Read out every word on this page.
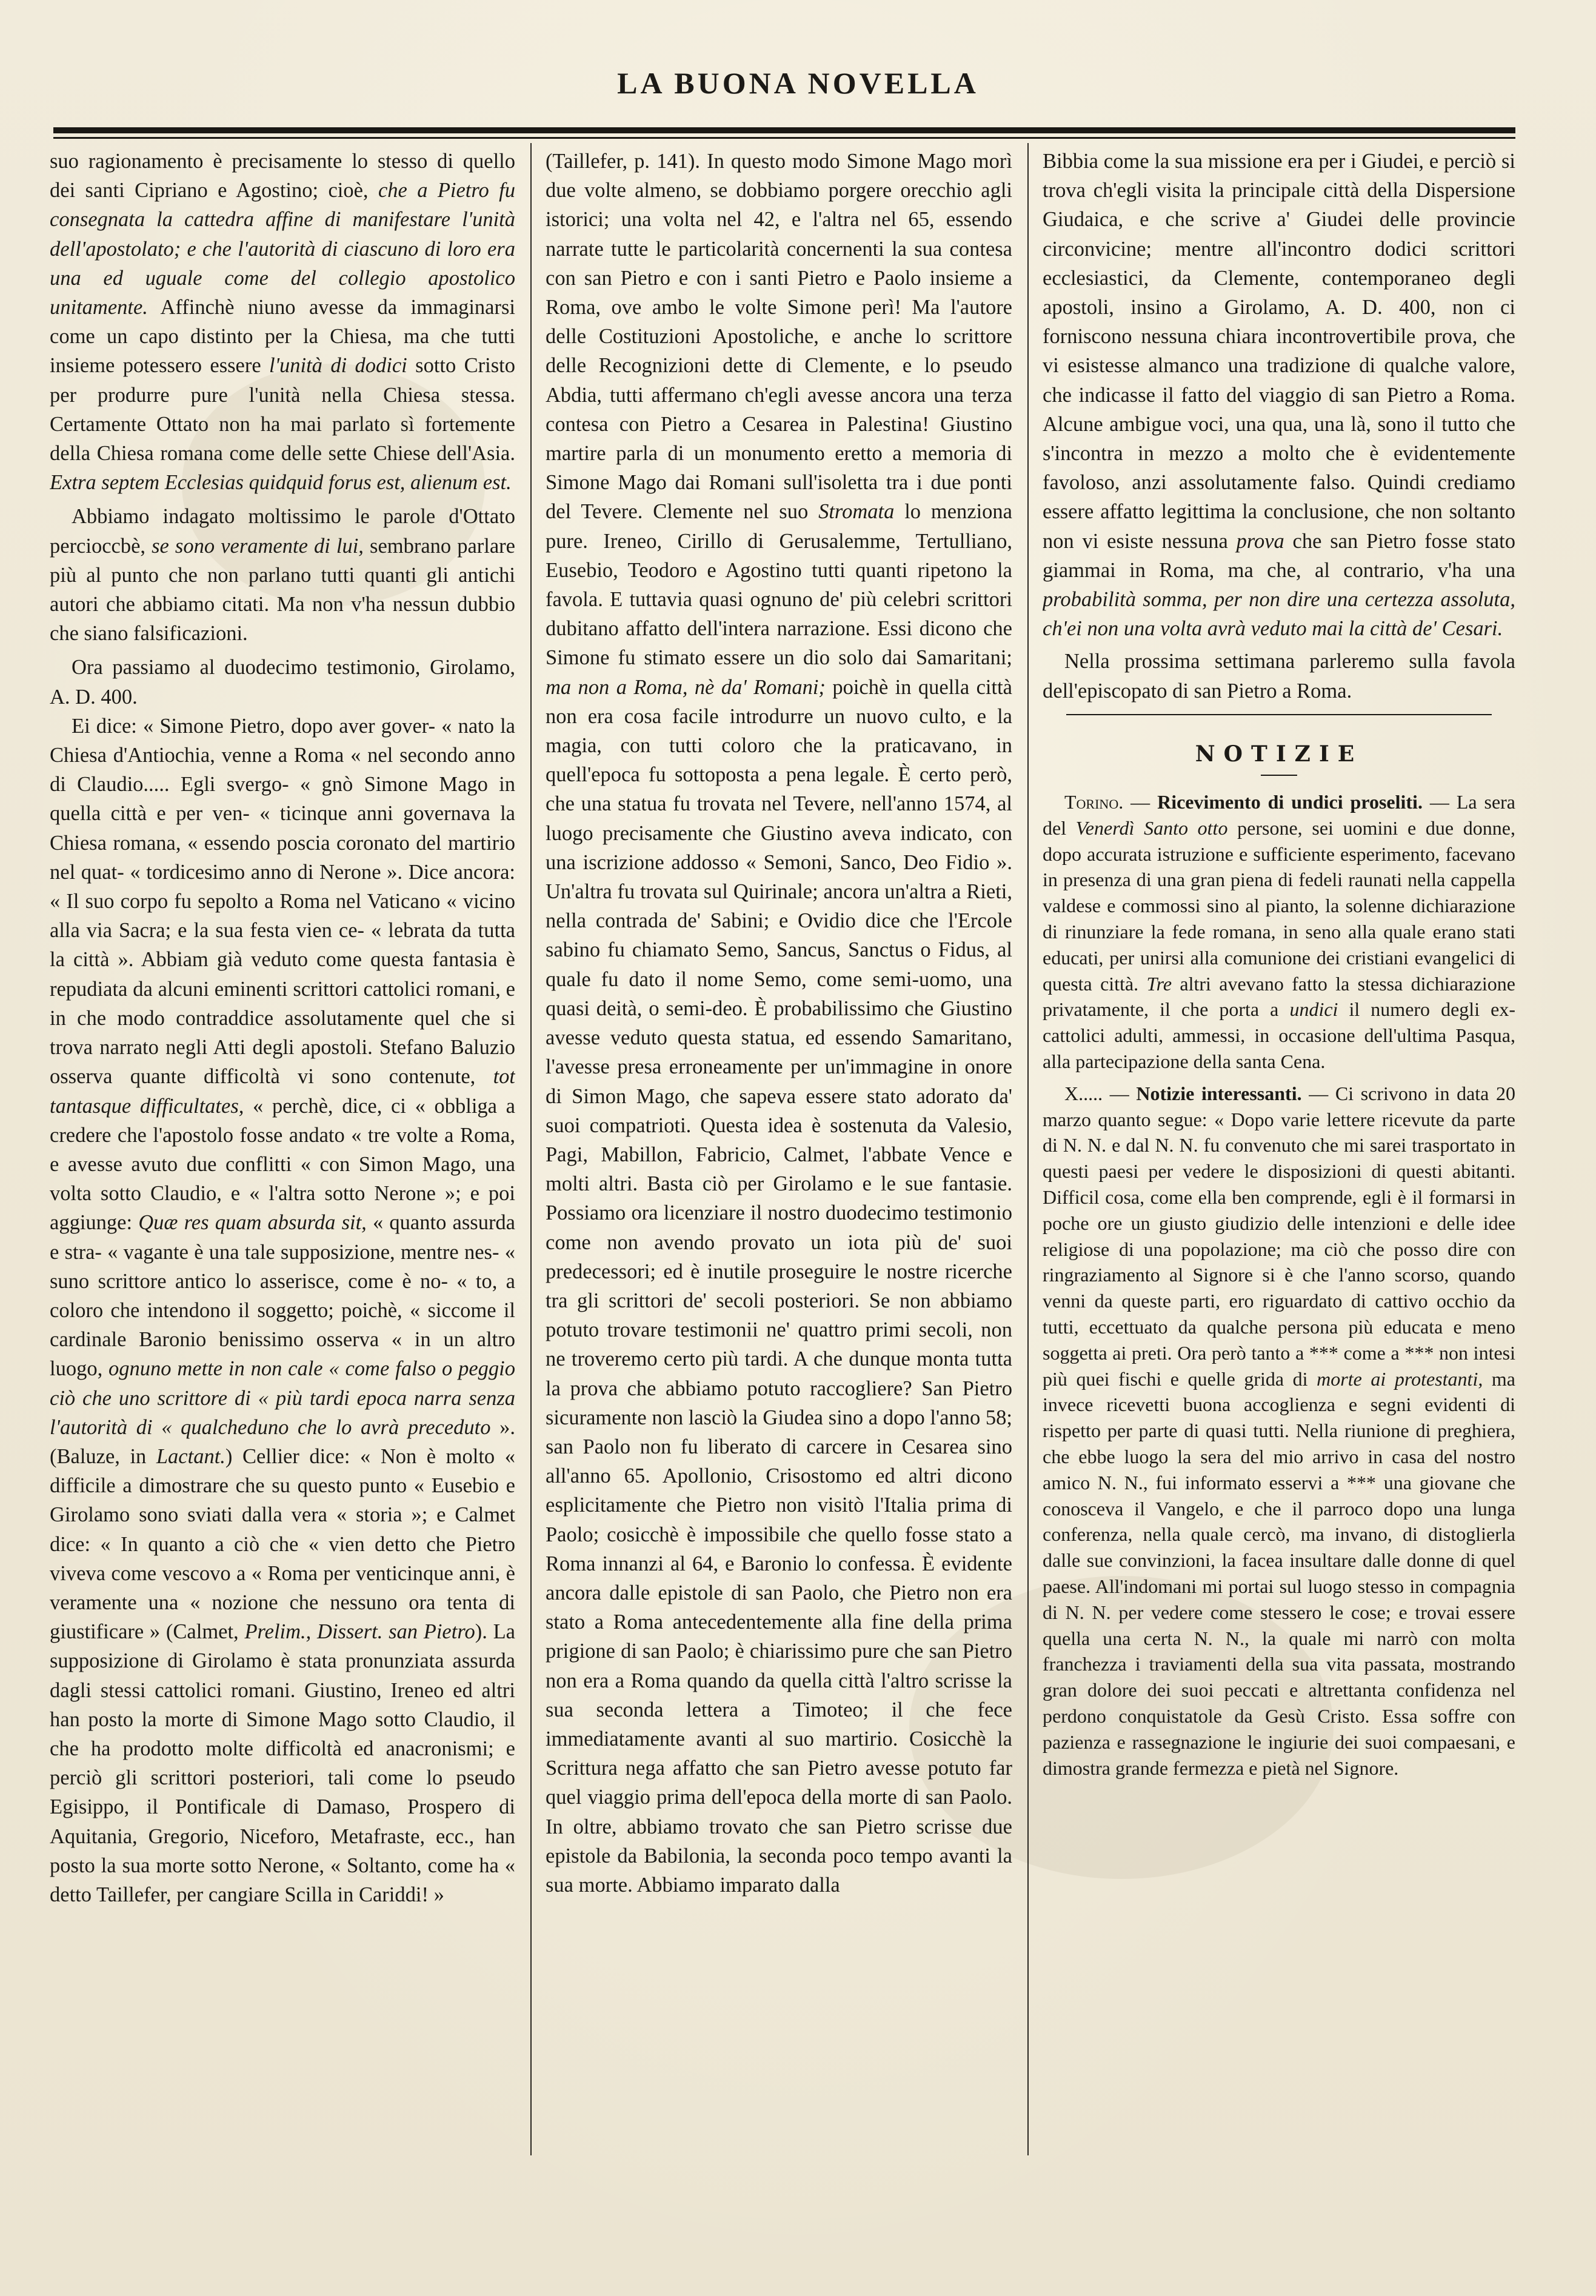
LA BUONA NOVELLA

suo ragionamento è precisamente lo stesso di quello dei santi Cipriano e Agostino; cioè, che a Pietro fu consegnata la cattedra affine di manifestare l'unità dell'apostolato; e che l'autorità di ciascuno di loro era una ed uguale come del collegio apostolico unitamente. Affinchè niuno avesse da immaginarsi come un capo distinto per la Chiesa, ma che tutti insieme potessero essere l'unità di dodici sotto Cristo per produrre pure l'unità nella Chiesa stessa. Certamente Ottato non ha mai parlato sì fortemente della Chiesa romana come delle sette Chiese dell'Asia. Extra septem Ecclesias quidquid forus est, alienum est.

Abbiamo indagato moltissimo le parole d'Ottato percioccbè, se sono veramente di lui, sembrano parlare più al punto che non parlano tutti quanti gli antichi autori che abbiamo citati. Ma non v'ha nessun dubbio che siano falsificazioni.

Ora passiamo al duodecimo testimonio, Girolamo, A. D. 400.

Ei dice: « Simone Pietro, dopo aver gover- « nato la Chiesa d'Antiochia, venne a Roma « nel secondo anno di Claudio..... Egli svergo- « gnò Simone Mago in quella città e per ven- « ticinque anni governava la Chiesa romana, « essendo poscia coronato del martirio nel quat- « tordicesimo anno di Nerone ». Dice ancora: « Il suo corpo fu sepolto a Roma nel Vaticano « vicino alla via Sacra; e la sua festa vien ce- « lebrata da tutta la città ». Abbiam già veduto come questa fantasia è repudiata da alcuni eminenti scrittori cattolici romani, e in che modo contraddice assolutamente quel che si trova narrato negli Atti degli apostoli. Stefano Baluzio osserva quante difficoltà vi sono contenute, tot tantasque difficultates, « perchè, dice, ci « obbliga a credere che l'apostolo fosse andato « tre volte a Roma, e avesse avuto due conflitti « con Simon Mago, una volta sotto Claudio, e « l'altra sotto Nerone »; e poi aggiunge: Quæ res quam absurda sit, « quanto assurda e stra- « vagante è una tale supposizione, mentre nes- « suno scrittore antico lo asserisce, come è no- « to, a coloro che intendono il soggetto; poichè, « siccome il cardinale Baronio benissimo osserva « in un altro luogo, ognuno mette in non cale « come falso o peggio ciò che uno scrittore di « più tardi epoca narra senza l'autorità di « qualcheduno che lo avrà preceduto ». (Baluze, in Lactant.) Cellier dice: « Non è molto « difficile a dimostrare che su questo punto « Eusebio e Girolamo sono sviati dalla vera « storia »; e Calmet dice: « In quanto a ciò che « vien detto che Pietro viveva come vescovo a « Roma per venticinque anni, è veramente una « nozione che nessuno ora tenta di giustificare » (Calmet, Prelim., Dissert. san Pietro). La supposizione di Girolamo è stata pronunziata assurda dagli stessi cattolici romani. Giustino, Ireneo ed altri han posto la morte di Simone Mago sotto Claudio, il che ha prodotto molte difficoltà ed anacronismi; e perciò gli scrittori posteriori, tali come lo pseudo Egisippo, il Pontificale di Damaso, Prospero di Aquitania, Gregorio, Niceforo, Metafraste, ecc., han posto la sua morte sotto Nerone, « Soltanto, come ha « detto Taillefer, per cangiare Scilla in Cariddi! »

(Taillefer, p. 141). In questo modo Simone Mago morì due volte almeno, se dobbiamo porgere orecchio agli istorici; una volta nel 42, e l'altra nel 65, essendo narrate tutte le particolarità concernenti la sua contesa con san Pietro e con i santi Pietro e Paolo insieme a Roma, ove ambo le volte Simone perì! Ma l'autore delle Costituzioni Apostoliche, e anche lo scrittore delle Recognizioni dette di Clemente, e lo pseudo Abdia, tutti affermano ch'egli avesse ancora una terza contesa con Pietro a Cesarea in Palestina! Giustino martire parla di un monumento eretto a memoria di Simone Mago dai Romani sull'isoletta tra i due ponti del Tevere. Clemente nel suo Stromata lo menziona pure. Ireneo, Cirillo di Gerusalemme, Tertulliano, Eusebio, Teodoro e Agostino tutti quanti ripetono la favola. E tuttavia quasi ognuno de' più celebri scrittori dubitano affatto dell'intera narrazione. Essi dicono che Simone fu stimato essere un dio solo dai Samaritani; ma non a Roma, nè da' Romani; poichè in quella città non era cosa facile introdurre un nuovo culto, e la magia, con tutti coloro che la praticavano, in quell'epoca fu sottoposta a pena legale. È certo però, che una statua fu trovata nel Tevere, nell'anno 1574, al luogo precisamente che Giustino aveva indicato, con una iscrizione addosso « Semoni, Sanco, Deo Fidio ». Un'altra fu trovata sul Quirinale; ancora un'altra a Rieti, nella contrada de' Sabini; e Ovidio dice che l'Ercole sabino fu chiamato Semo, Sancus, Sanctus o Fidus, al quale fu dato il nome Semo, come semi-uomo, una quasi deità, o semi-deo. È probabilissimo che Giustino avesse veduto questa statua, ed essendo Samaritano, l'avesse presa erroneamente per un'immagine in onore di Simon Mago, che sapeva essere stato adorato da' suoi compatrioti. Questa idea è sostenuta da Valesio, Pagi, Mabillon, Fabricio, Calmet, l'abbate Vence e molti altri. Basta ciò per Girolamo e le sue fantasie. Possiamo ora licenziare il nostro duodecimo testimonio come non avendo provato un iota più de' suoi predecessori; ed è inutile proseguire le nostre ricerche tra gli scrittori de' secoli posteriori. Se non abbiamo potuto trovare testimonii ne' quattro primi secoli, non ne troveremo certo più tardi. A che dunque monta tutta la prova che abbiamo potuto raccogliere? San Pietro sicuramente non lasciò la Giudea sino a dopo l'anno 58; san Paolo non fu liberato di carcere in Cesarea sino all'anno 65. Apollonio, Crisostomo ed altri dicono esplicitamente che Pietro non visitò l'Italia prima di Paolo; cosicchè è impossibile che quello fosse stato a Roma innanzi al 64, e Baronio lo confessa. È evidente ancora dalle epistole di san Paolo, che Pietro non era stato a Roma antecedentemente alla fine della prima prigione di san Paolo; è chiarissimo pure che san Pietro non era a Roma quando da quella città l'altro scrisse la sua seconda lettera a Timoteo; il che fece immediatamente avanti al suo martirio. Cosicchè la Scrittura nega affatto che san Pietro avesse potuto far quel viaggio prima dell'epoca della morte di san Paolo. In oltre, abbiamo trovato che san Pietro scrisse due epistole da Babilonia, la seconda poco tempo avanti la sua morte. Abbiamo imparato dalla

Bibbia come la sua missione era per i Giudei, e perciò si trova ch'egli visita la principale città della Dispersione Giudaica, e che scrive a' Giudei delle provincie circonvicine; mentre all'incontro dodici scrittori ecclesiastici, da Clemente, contemporaneo degli apostoli, insino a Girolamo, A. D. 400, non ci forniscono nessuna chiara incontrovertibile prova, che vi esistesse almanco una tradizione di qualche valore, che indicasse il fatto del viaggio di san Pietro a Roma. Alcune ambigue voci, una qua, una là, sono il tutto che s'incontra in mezzo a molto che è evidentemente favoloso, anzi assolutamente falso. Quindi crediamo essere affatto legittima la conclusione, che non soltanto non vi esiste nessuna prova che san Pietro fosse stato giammai in Roma, ma che, al contrario, v'ha una probabilità somma, per non dire una certezza assoluta, ch'ei non una volta avrà veduto mai la città de' Cesari.

Nella prossima settimana parleremo sulla favola dell'episcopato di san Pietro a Roma.

NOTIZIE

Torino. — Ricevimento di undici proseliti. — La sera del Venerdì Santo otto persone, sei uomini e due donne, dopo accurata istruzione e sufficiente esperimento, facevano in presenza di una gran piena di fedeli raunati nella cappella valdese e commossi sino al pianto, la solenne dichiarazione di rinunziare la fede romana, in seno alla quale erano stati educati, per unirsi alla comunione dei cristiani evangelici di questa città. Tre altri avevano fatto la stessa dichiarazione privatamente, il che porta a undici il numero degli ex-cattolici adulti, ammessi, in occasione dell'ultima Pasqua, alla partecipazione della santa Cena.

X..... — Notizie interessanti. — Ci scrivono in data 20 marzo quanto segue: « Dopo varie lettere ricevute da parte di N. N. e dal N. N. fu convenuto che mi sarei trasportato in questi paesi per vedere le disposizioni di questi abitanti. Difficil cosa, come ella ben comprende, egli è il formarsi in poche ore un giusto giudizio delle intenzioni e delle idee religiose di una popolazione; ma ciò che posso dire con ringraziamento al Signore si è che l'anno scorso, quando venni da queste parti, ero riguardato di cattivo occhio da tutti, eccettuato da qualche persona più educata e meno soggetta ai preti. Ora però tanto a *** come a *** non intesi più quei fischi e quelle grida di morte ai protestanti, ma invece ricevetti buona accoglienza e segni evidenti di rispetto per parte di quasi tutti. Nella riunione di preghiera, che ebbe luogo la sera del mio arrivo in casa del nostro amico N. N., fui informato esservi a *** una giovane che conosceva il Vangelo, e che il parroco dopo una lunga conferenza, nella quale cercò, ma invano, di distoglierla dalle sue convinzioni, la facea insultare dalle donne di quel paese. All'indomani mi portai sul luogo stesso in compagnia di N. N. per vedere come stessero le cose; e trovai essere quella una certa N. N., la quale mi narrò con molta franchezza i traviamenti della sua vita passata, mostrando gran dolore dei suoi peccati e altrettanta confidenza nel perdono conquistatole da Gesù Cristo. Essa soffre con pazienza e rassegnazione le ingiurie dei suoi compaesani, e dimostra grande fermezza e pietà nel Signore.
